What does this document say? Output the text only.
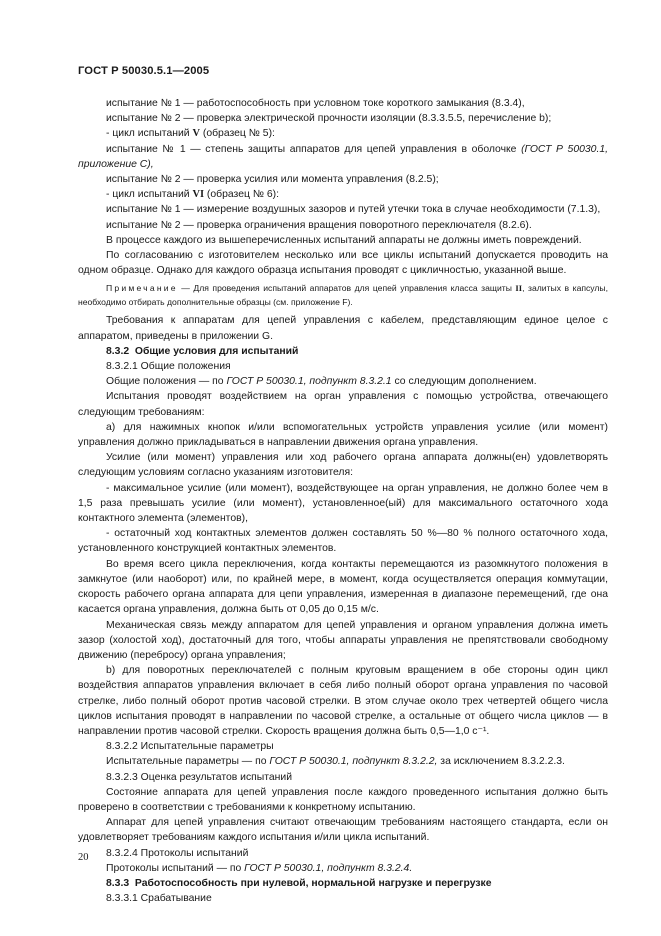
ГОСТ Р 50030.5.1—2005

испытание № 1 — работоспособность при условном токе короткого замыкания (8.3.4),

испытание № 2 — проверка электрической прочности изоляции (8.3.3.5.5, перечисление b);

- цикл испытаний V (образец № 5):

испытание № 1 — степень защиты аппаратов для цепей управления в оболочке (ГОСТ Р 50030.1, приложение С),

испытание № 2 — проверка усилия или момента управления (8.2.5);

- цикл испытаний VI (образец № 6):

испытание № 1 — измерение воздушных зазоров и путей утечки тока в случае необходимости (7.1.3),

испытание № 2 — проверка ограничения вращения поворотного переключателя (8.2.6).

В процессе каждого из вышеперечисленных испытаний аппараты не должны иметь повреждений.

По согласованию с изготовителем несколько или все циклы испытаний допускается проводить на одном образце. Однако для каждого образца испытания проводят с цикличностью, указанной выше.

Примечание — Для проведения испытаний аппаратов для цепей управления класса защиты II, залитых в капсулы, необходимо отбирать дополнительные образцы (см. приложение F).

Требования к аппаратам для цепей управления с кабелем, представляющим единое целое с аппаратом, приведены в приложении G.

8.3.2 Общие условия для испытаний

8.3.2.1 Общие положения

Общие положения — по ГОСТ Р 50030.1, подпункт 8.3.2.1 со следующим дополнением.

Испытания проводят воздействием на орган управления с помощью устройства, отвечающего следующим требованиям:

а) для нажимных кнопок и/или вспомогательных устройств управления усилие (или момент) управления должно прикладываться в направлении движения органа управления.

Усилие (или момент) управления или ход рабочего органа аппарата должны(ен) удовлетворять следующим условиям согласно указаниям изготовителя:

- максимальное усилие (или момент), воздействующее на орган управления, не должно более чем в 1,5 раза превышать усилие (или момент), установленное(ый) для максимального остаточного хода контактного элемента (элементов),

- остаточный ход контактных элементов должен составлять 50 %—80 % полного остаточного хода, установленного конструкцией контактных элементов.

Во время всего цикла переключения, когда контакты перемещаются из разомкнутого положения в замкнутое (или наоборот) или, по крайней мере, в момент, когда осуществляется операция коммутации, скорость рабочего органа аппарата для цепи управления, измеренная в диапазоне перемещений, где она касается органа управления, должна быть от 0,05 до 0,15 м/с.

Механическая связь между аппаратом для цепей управления и органом управления должна иметь зазор (холостой ход), достаточный для того, чтобы аппараты управления не препятствовали свободному движению (перебросу) органа управления;

b) для поворотных переключателей с полным круговым вращением в обе стороны один цикл воздействия аппаратов управления включает в себя либо полный оборот органа управления по часовой стрелке, либо полный оборот против часовой стрелки. В этом случае около трех четвертей общего числа циклов испытания проводят в направлении по часовой стрелке, а остальные от общего числа циклов — в направлении против часовой стрелки. Скорость вращения должна быть 0,5—1,0 с⁻¹.

8.3.2.2 Испытательные параметры

Испытательные параметры — по ГОСТ Р 50030.1, подпункт 8.3.2.2, за исключением 8.3.2.2.3.

8.3.2.3 Оценка результатов испытаний

Состояние аппарата для цепей управления после каждого проведенного испытания должно быть проверено в соответствии с требованиями к конкретному испытанию.

Аппарат для цепей управления считают отвечающим требованиям настоящего стандарта, если он удовлетворяет требованиям каждого испытания и/или цикла испытаний.

8.3.2.4 Протоколы испытаний

Протоколы испытаний — по ГОСТ Р 50030.1, подпункт 8.3.2.4.

8.3.3 Работоспособность при нулевой, нормальной нагрузке и перегрузке

8.3.3.1 Срабатывание

20
